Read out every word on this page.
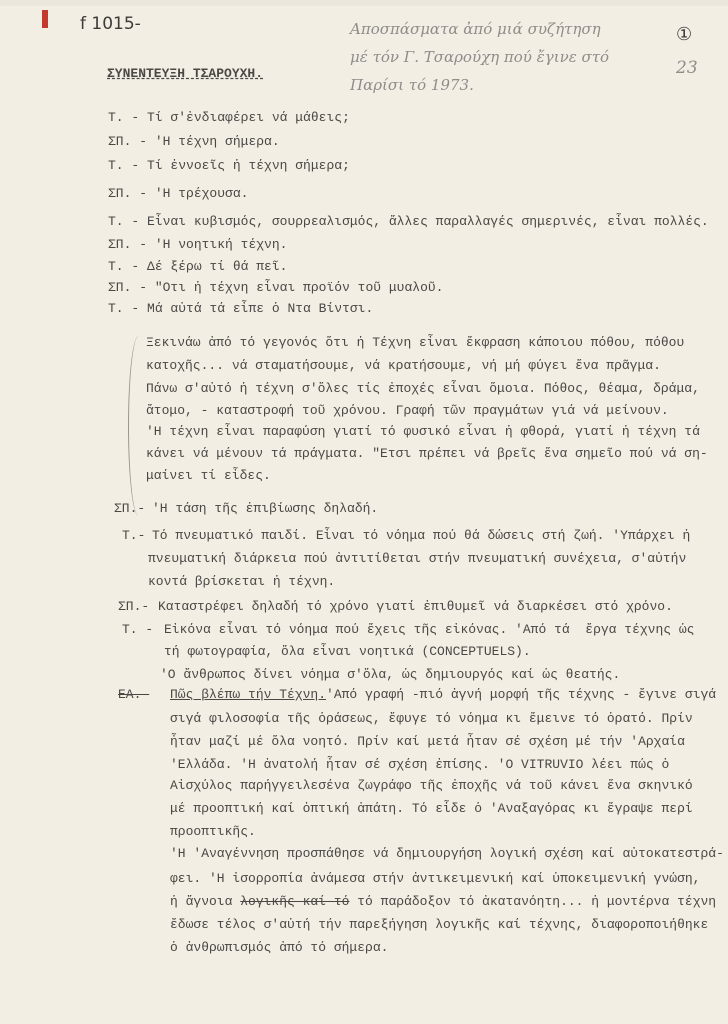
f 1015-	Αποσπάσματα ἀπό μιά συζήτηση
μέ τόν Γ. Τσαρούχη πού ἔγινε στό
Παρίσι τό 1973.
①
23
ΣΥΝΕΝΤΕΥΞΗ ΤΣΑΡΟΥΧΗ.
Τ. - Τί σ'ἐνδιαφέρει νά μάθεις;
ΣΠ. - 'Η τέχνη σήμερα.
Τ. - Τί ἐννοεῖς ἡ τέχνη σήμερα;
ΣΠ. - 'Η τρέχουσα.
Τ. - Εἶναι κυβισμός, σουρρεαλισμός, ἄλλες παραλλαγές σημερινές, εἶναι πολλές.
ΣΠ. - 'Η νοητική τέχνη.
Τ. - Δέ ξέρω τί θά πεῖ.
ΣΠ. - "Οτι ἡ τέχνη εἶναι προϊόν τοῦ μυαλοῦ.
Τ. - Μά αὐτά τά εἶπε ὁ Ντα Βίντσι.
Ξεκινάω ἀπό τό γεγονός ὅτι ἡ Τέχνη εἶναι ἔκφραση κάποιου πόθου, πόθου
κατοχῆς... νά σταματήσουμε, νά κρατήσουμε, νή μή φύγει ἕνα πρᾶγμα.
Πάνω σ'αὐτό ἡ τέχνη σ'ὅλες τίς ἐποχές εἶναι ὅμοια. Πόθος, θέαμα, δράμα,
ἄτομο, - καταστροφή τοῦ χρόνου. Γραφή τῶν πραγμάτων γιά νά μείνουν.
'Η τέχνη εἶναι παραφύση γιατί τό φυσικό εἶναι ἡ φθορά, γιατί ἡ τέχνη τά
κάνει νά μένουν τά πράγματα. "Ετσι πρέπει νά βρεῖς ἕνα σημεῖο πού νά ση-
μαίνει τί εἶδες.
ΣΠ.- 'Η τάση τῆς ἐπιβίωσης δηλαδή.
Τ.- Τό πνευματικό παιδί. Εἶναι τό νόημα πού θά δώσεις στή ζωή. 'Υπάρχει ἡ
πνευματική διάρκεια πού ἀντιτίθεται στήν πνευματική συνέχεια, σ'αὐτήν
κοντά βρίσκεται ἡ τέχνη.
ΣΠ.- Καταστρέφει δηλαδή τό χρόνο γιατί ἐπιθυμεῖ νά διαρκέσει στό χρόνο.
Τ. - Εἰκόνα εἶναι τό νόημα πού ἔχεις τῆς εἰκόνας. 'Από τά  ἔργα τέχνης ὡς
τή φωτογραφία, ὅλα εἶναι νοητικά (CONCEPTUELS).
'Ο ἄνθρωπος δίνει νόημα σ'ὅλα, ὡς δημιουργός καί ὡς θεατής.
ΕΑ.- Πῶς βλέπω τήν Τέχνη.'Από γραφή -πιό ἁγνή μορφή τῆς τέχνης - ἔγινε σιγά
σιγά φιλοσοφία τῆς ὁράσεως, ἔφυγε τό νόημα κι ἔμεινε τό ὁρατό. Πρίν
ἦταν μαζί μέ ὅλα νοητό. Πρίν καί μετά ἦταν σέ σχέση μέ τήν 'Αρχαία
'Ελλάδα. 'Η ἀνατολή ἦταν σέ σχέση ἐπίσης. 'Ο VITRUVIO λέει πώς ὁ
Αἰσχύλος παρήγγειλεσένα ζωγράφο τῆς ἐποχῆς νά τοῦ κάνει ἕνα σκηνικό
μέ προοπτική καί ὀπτική ἀπάτη. Τό εἶδε ὁ 'Αναξαγόρας κι ἔγραψε περί
προοπτικῆς.
'Η 'Αναγέννηση προσπάθησε νά δημιουργήση λογική σχέση καί αὐτοκατεστρά-
φει. 'Η ἰσορροπία ἀνάμεσα στήν ἀντικειμενική καί ὑποκειμενική γνώση,
ἡ ἄγνοια λογικῆς-καί-τό τό παράδοξον τό ἀκατανόητη... ἡ μοντέρνα τέχνη
ἔδωσε τέλος σ'αὐτή τήν παρεξήγηση λογικῆς καί τέχνης, διαφοροποιήθηκε
ὁ ἀνθρωπισμός ἀπό τό σήμερα.
